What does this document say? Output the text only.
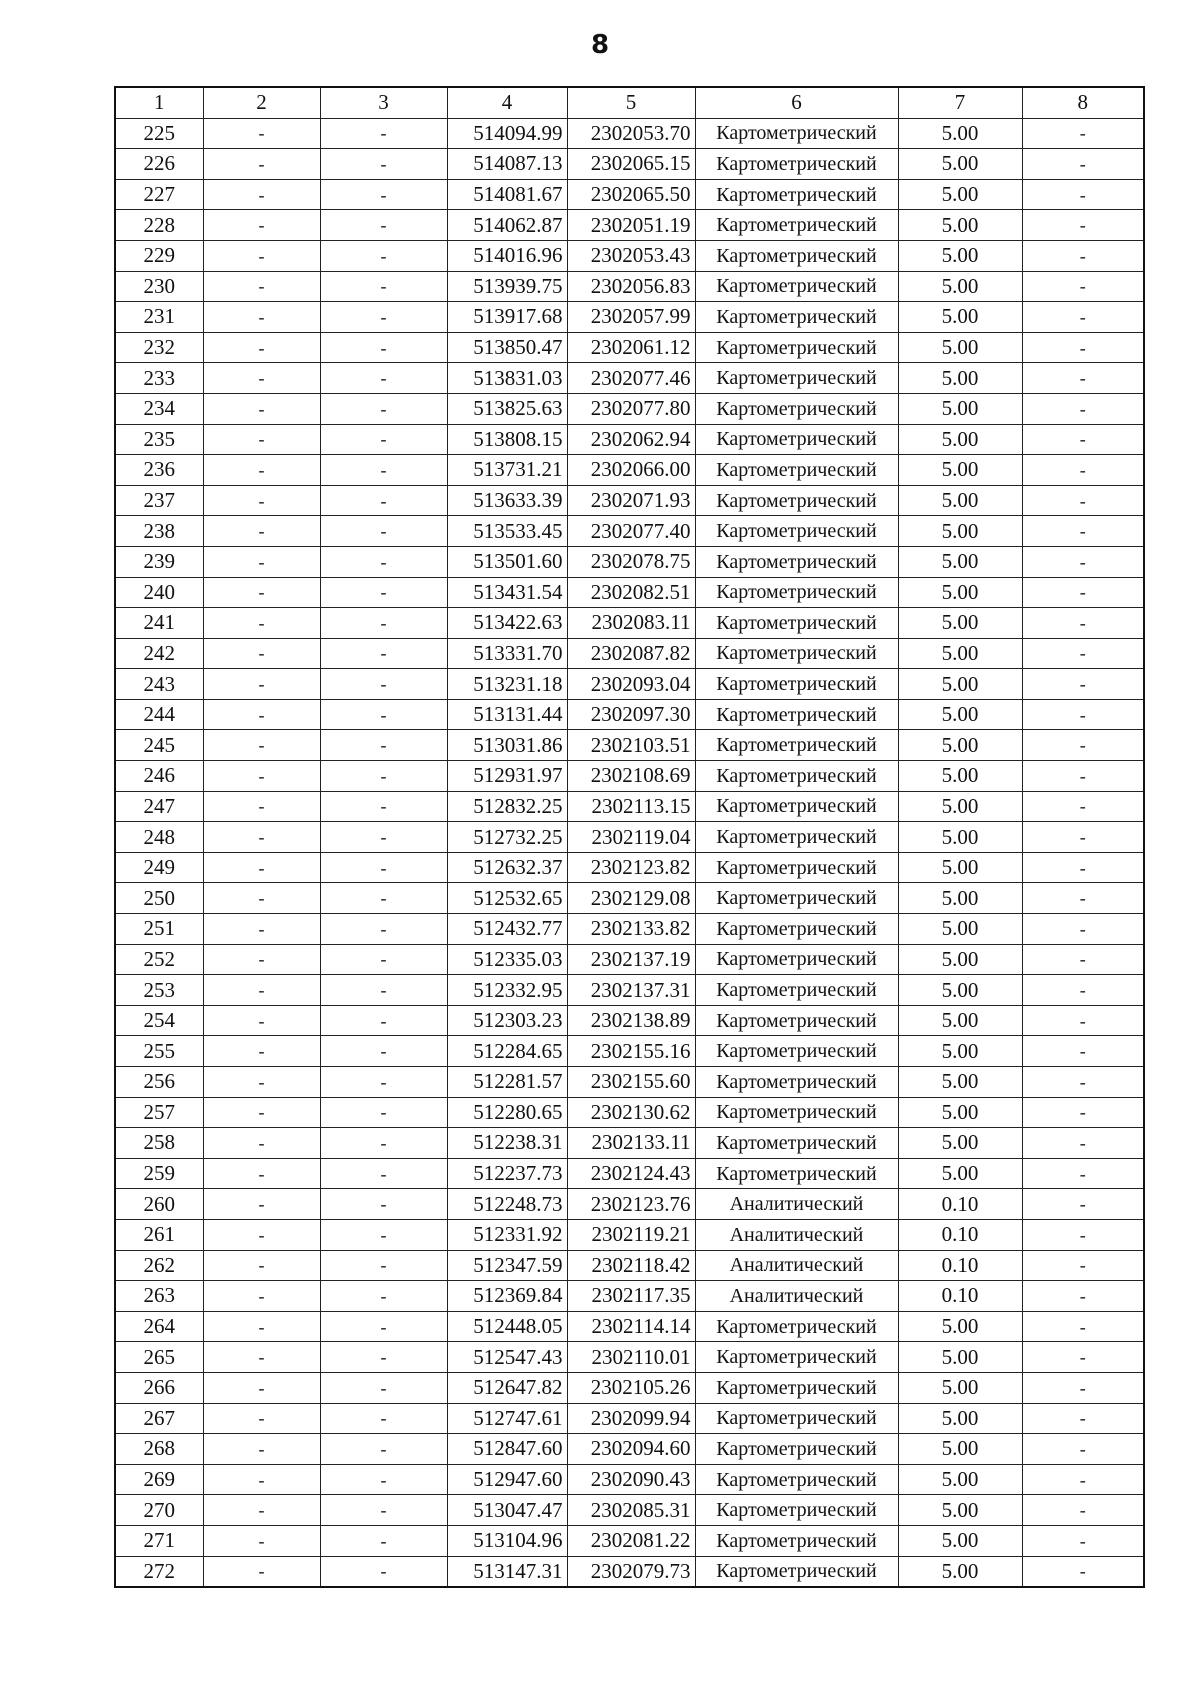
8
1	2	3	4	5	6	7	8
225	-	-	514094.99	2302053.70	Картометрический	5.00	-
226	-	-	514087.13	2302065.15	Картометрический	5.00	-
227	-	-	514081.67	2302065.50	Картометрический	5.00	-
228	-	-	514062.87	2302051.19	Картометрический	5.00	-
229	-	-	514016.96	2302053.43	Картометрический	5.00	-
230	-	-	513939.75	2302056.83	Картометрический	5.00	-
231	-	-	513917.68	2302057.99	Картометрический	5.00	-
232	-	-	513850.47	2302061.12	Картометрический	5.00	-
233	-	-	513831.03	2302077.46	Картометрический	5.00	-
234	-	-	513825.63	2302077.80	Картометрический	5.00	-
235	-	-	513808.15	2302062.94	Картометрический	5.00	-
236	-	-	513731.21	2302066.00	Картометрический	5.00	-
237	-	-	513633.39	2302071.93	Картометрический	5.00	-
238	-	-	513533.45	2302077.40	Картометрический	5.00	-
239	-	-	513501.60	2302078.75	Картометрический	5.00	-
240	-	-	513431.54	2302082.51	Картометрический	5.00	-
241	-	-	513422.63	2302083.11	Картометрический	5.00	-
242	-	-	513331.70	2302087.82	Картометрический	5.00	-
243	-	-	513231.18	2302093.04	Картометрический	5.00	-
244	-	-	513131.44	2302097.30	Картометрический	5.00	-
245	-	-	513031.86	2302103.51	Картометрический	5.00	-
246	-	-	512931.97	2302108.69	Картометрический	5.00	-
247	-	-	512832.25	2302113.15	Картометрический	5.00	-
248	-	-	512732.25	2302119.04	Картометрический	5.00	-
249	-	-	512632.37	2302123.82	Картометрический	5.00	-
250	-	-	512532.65	2302129.08	Картометрический	5.00	-
251	-	-	512432.77	2302133.82	Картометрический	5.00	-
252	-	-	512335.03	2302137.19	Картометрический	5.00	-
253	-	-	512332.95	2302137.31	Картометрический	5.00	-
254	-	-	512303.23	2302138.89	Картометрический	5.00	-
255	-	-	512284.65	2302155.16	Картометрический	5.00	-
256	-	-	512281.57	2302155.60	Картометрический	5.00	-
257	-	-	512280.65	2302130.62	Картометрический	5.00	-
258	-	-	512238.31	2302133.11	Картометрический	5.00	-
259	-	-	512237.73	2302124.43	Картометрический	5.00	-
260	-	-	512248.73	2302123.76	Аналитический	0.10	-
261	-	-	512331.92	2302119.21	Аналитический	0.10	-
262	-	-	512347.59	2302118.42	Аналитический	0.10	-
263	-	-	512369.84	2302117.35	Аналитический	0.10	-
264	-	-	512448.05	2302114.14	Картометрический	5.00	-
265	-	-	512547.43	2302110.01	Картометрический	5.00	-
266	-	-	512647.82	2302105.26	Картометрический	5.00	-
267	-	-	512747.61	2302099.94	Картометрический	5.00	-
268	-	-	512847.60	2302094.60	Картометрический	5.00	-
269	-	-	512947.60	2302090.43	Картометрический	5.00	-
270	-	-	513047.47	2302085.31	Картометрический	5.00	-
271	-	-	513104.96	2302081.22	Картометрический	5.00	-
272	-	-	513147.31	2302079.73	Картометрический	5.00	-
